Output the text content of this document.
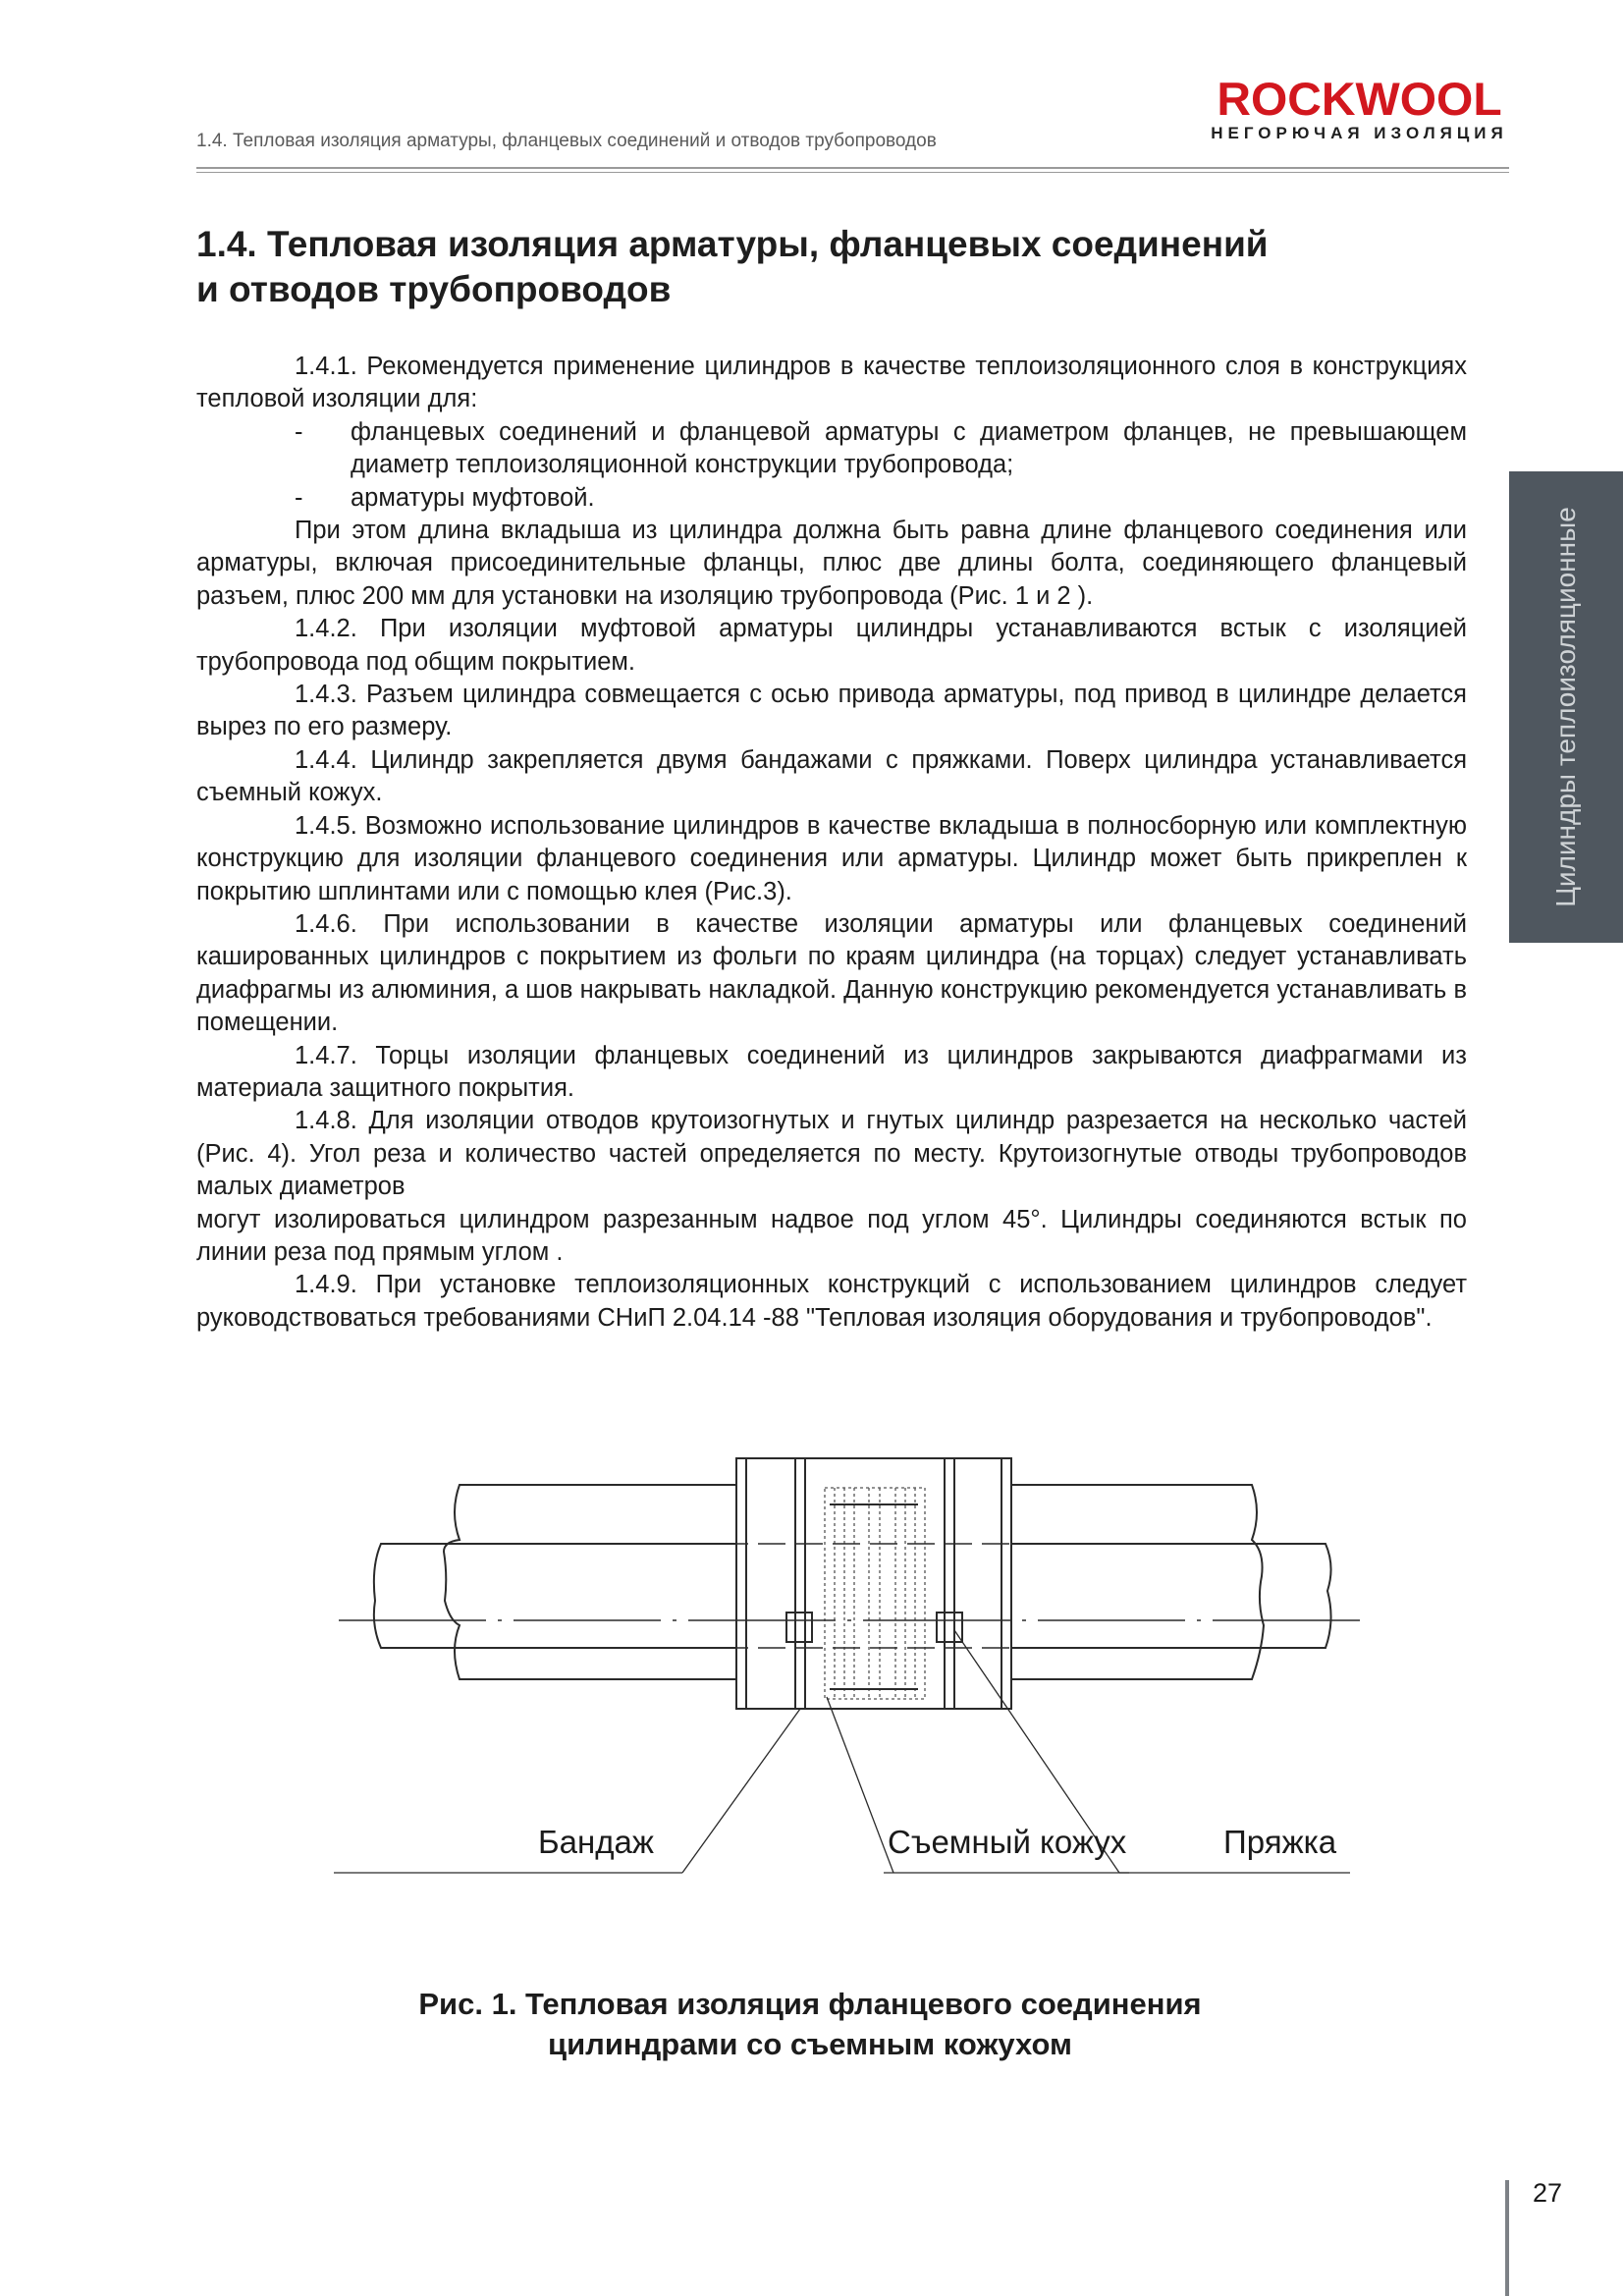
1.4. Тепловая изоляция арматуры, фланцевых соединений и отводов трубопроводов
ROCKWOOL
НЕГОРЮЧАЯ ИЗОЛЯЦИЯ
1.4. Тепловая изоляция арматуры, фланцевых соединений
и отводов трубопроводов

1.4.1. Рекомендуется применение цилиндров в качестве теплоизоляционного слоя в конструкциях тепловой изоляции для:

- фланцевых соединений и фланцевой арматуры с диаметром фланцев, не превышающем диаметр теплоизоляционной конструкции трубопровода;
- арматуры муфтовой.

При этом длина вкладыша из цилиндра должна быть равна длине фланцевого соединения или арматуры, включая присоединительные фланцы, плюс две длины болта, соединяющего фланцевый разъем, плюс 200 мм для установки на изоляцию трубопровода (Рис. 1 и 2 ).

1.4.2. При изоляции муфтовой арматуры цилиндры устанавливаются встык с изоляцией трубопровода под общим покрытием.

1.4.3. Разъем цилиндра совмещается с осью привода арматуры, под привод в цилиндре делается вырез по его размеру.

1.4.4. Цилиндр закрепляется двумя бандажами с пряжками. Поверх цилиндра устанавливается съемный кожух.

1.4.5. Возможно использование цилиндров в качестве вкладыша в полносборную или комплектную конструкцию для изоляции фланцевого соединения или арматуры. Цилиндр может быть прикреплен к покрытию шплинтами или с помощью клея (Рис.3).

1.4.6. При использовании в качестве изоляции арматуры или фланцевых соединений кашированных цилиндров с покрытием из фольги по краям цилиндра (на торцах) следует устанавливать диафрагмы из алюминия, а шов накрывать накладкой. Данную конструкцию рекомендуется устанавливать в помещении.

1.4.7. Торцы изоляции фланцевых соединений из цилиндров закрываются диафрагмами из материала защитного покрытия.

1.4.8. Для изоляции отводов крутоизогнутых и гнутых цилиндр разрезается на несколько частей (Рис. 4). Угол реза и количество частей определяется по месту. Крутоизогнутые отводы трубопроводов малых диаметров

могут изолироваться цилиндром разрезанным надвое под углом 45°. Цилиндры соединяются встык по линии реза под прямым углом .

1.4.9. При установке теплоизоляционных конструкций с использованием цилиндров следует руководствоваться требованиями СНиП 2.04.14 -88 "Тепловая изоляция оборудования и трубопроводов".

Цилиндры теплоизоляционные
Бандаж	Съемный кожух	Пряжка
Рис. 1. Тепловая изоляция фланцевого соединения
цилиндрами со съемным кожухом
27
